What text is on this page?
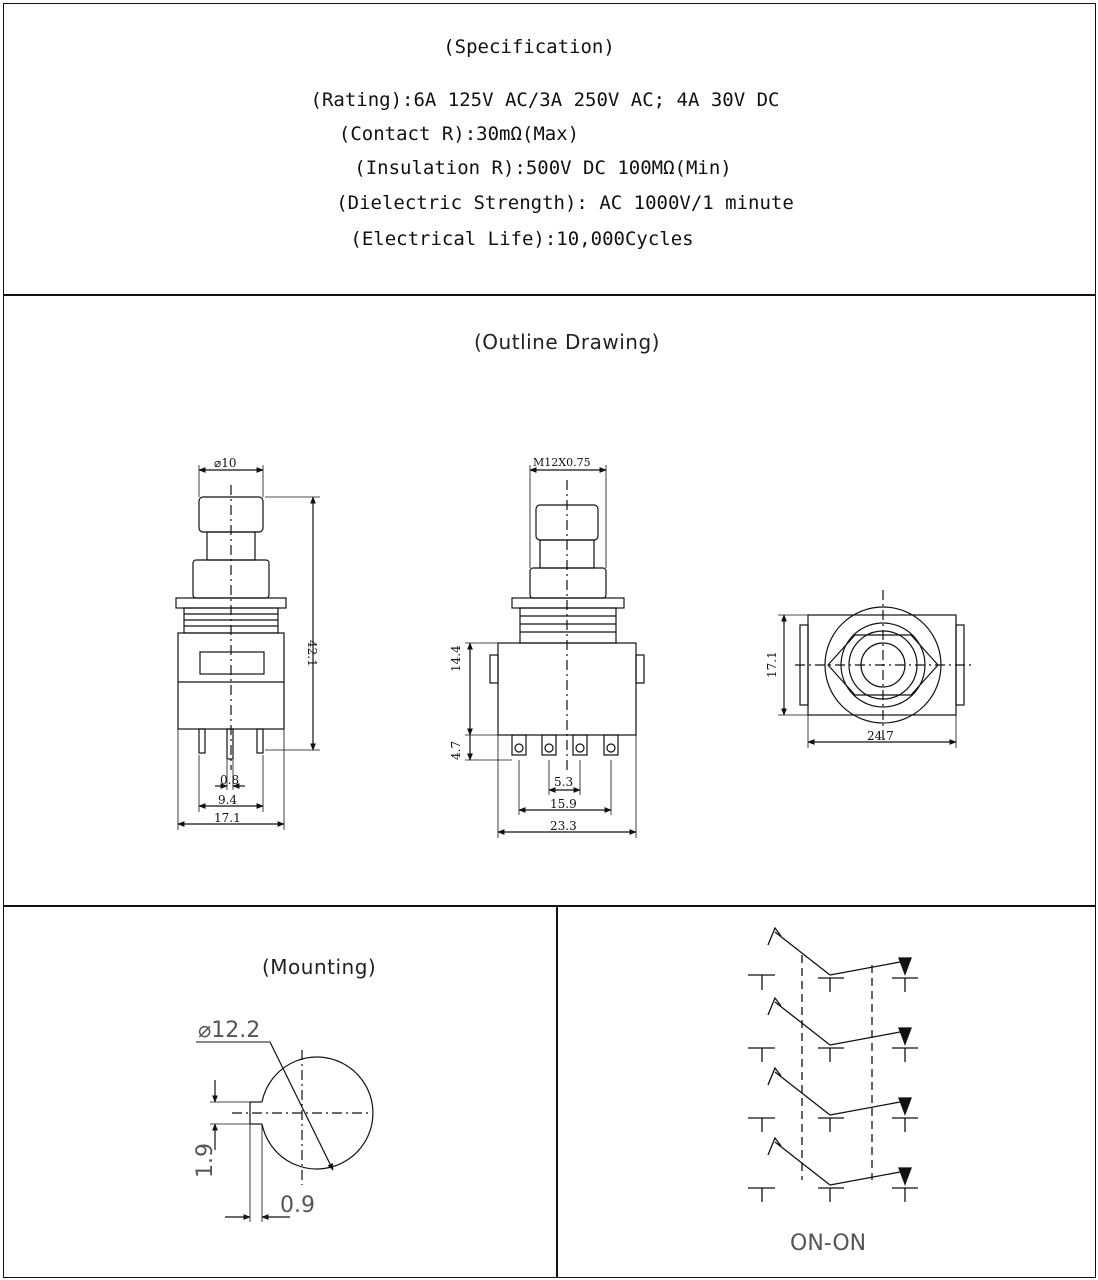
(Specification)
(Rating):6A 125V AC/3A 250V AC; 4A 30V DC
(Contact R):30mΩ(Max)
(Insulation R):500V DC 100MΩ(Min)
(Dielectric Strength): AC 1000V/1 minute
(Electrical Life):10,000Cycles
(Outline Drawing)
(Mounting)
⌀10
42.1
0.8
9.4
17.1
M12X0.75
14.4
4.7
5.3
15.9
23.3
17.1
24.7
⌀12.2
1.9
0.9
ON-ON
